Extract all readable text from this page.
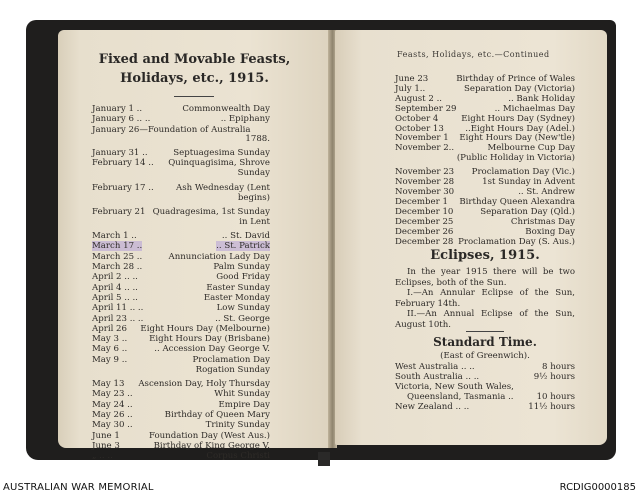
Fixed and Movable Feasts,
Holidays, etc., 1915.
Feasts, Holidays, etc.—Continued
January 1 ..	Commonwealth Day
January 6 .. ..	.. Epiphany
January 26—Foundation of Australia
1788.
January 31 ..	Septuagesima Sunday
February 14 .. Quinquagisima, Shrove
Sunday
February 17 ..	Ash Wednesday (Lent
begins)
February 21 Quadragesima, 1st Sunday
in Lent
March 1 ..	.. St. David
March 17 ..	.. St. Patrick
March 25 ..	Annunciation Lady Day
March 28 ..	Palm Sunday
April 2 .. ..	Good Friday
April 4 .. ..	Easter Sunday
April 5 .. ..	Easter Monday
April 11 .. ..	Low Sunday
April 23 .. ..	.. St. George
April 26 Eight Hours Day (Melbourne)
May 3 ..	Eight Hours Day (Brisbane)
May 6 ..	.. Accession Day George V.
May 9 ..	Proclamation Day
Rogation Sunday
May 13 Ascension Day, Holy Thursday
May 23 ..	Whit Sunday
May 24 ..	Empire Day
May 26 ..	Birthday of Queen Mary
May 30 ..	Trinity Sunday
June 1	Foundation Day (West Aus.)
June 3	Birthday of King George V.
„ .. ..	Corpus Christi
June 23	Birthday of Prince of Wales
July 1..	Separation Day (Victoria)
August 2 ..	.. Bank Holiday
September 29	.. Michaelmas Day
October 4	Eight Hours Day (Sydney)
October 13 ..Eight Hours Day (Adel.)
November 1 Eight Hours Day (New'tle)
November 2..	Melbourne Cup Day
(Public Holiday in Victoria)
November 23 Proclamation Day (Vic.)
November 28	1st Sunday in Advent
November 30	.. St. Andrew
December 1 Birthday Queen Alexandra
December 10	Separation Day (Qld.)
December 25	Christmas Day
December 26	Boxing Day
December 28 Proclamation Day (S. Aus.)
Eclipses, 1915.
In the year 1915 there will be two Eclipses, both of the Sun.
I.—An Annular Eclipse of the Sun, February 14th.
II.—An Annual Eclipse of the Sun, August 10th.
Standard Time.
(East of Greenwich).
West Australia .. ..	8 hours
South Australia .. ..	9½ hours
Victoria, New South Wales,
Queensland, Tasmania ..	10 hours
New Zealand .. ..	11½ hours
AUSTRALIAN WAR MEMORIAL	RCDIG0000185
